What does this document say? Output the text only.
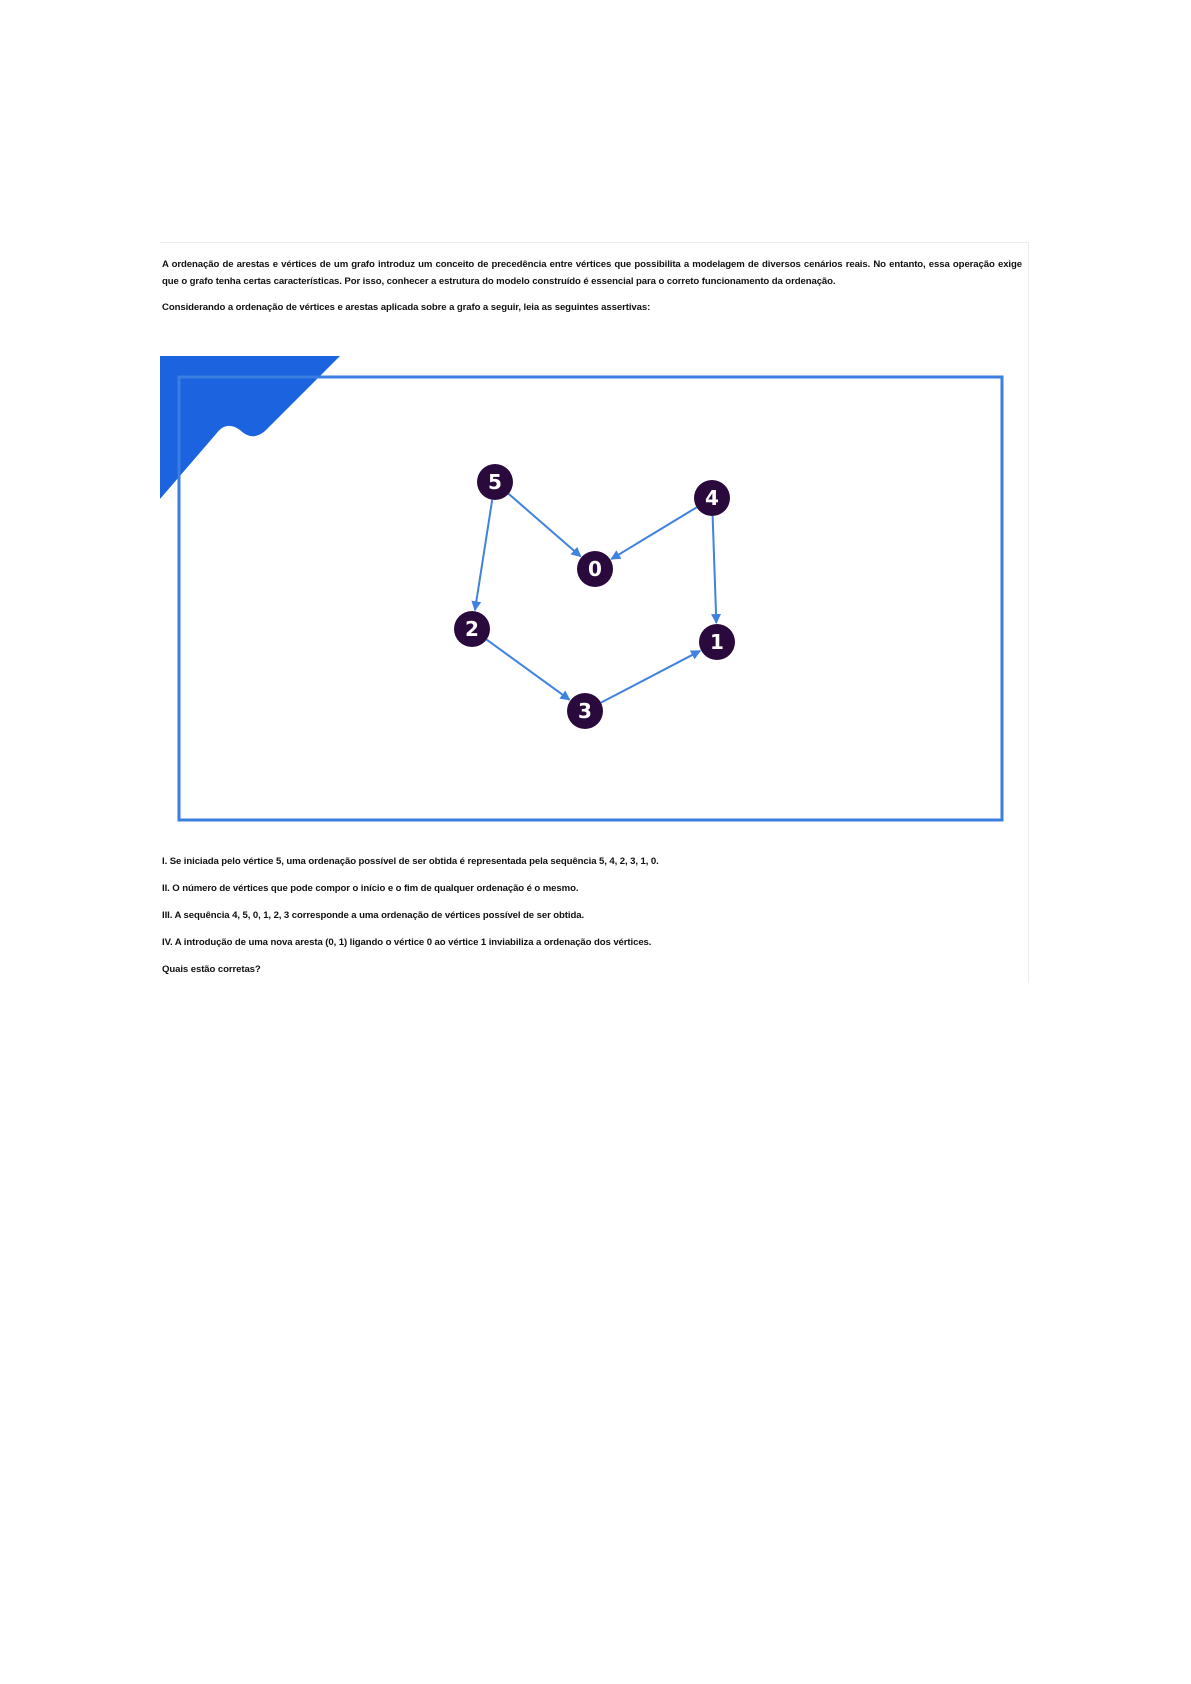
A ordenação de arestas e vértices de um grafo introduz um conceito de precedência entre vértices que possibilita a modelagem de diversos cenários reais. No entanto, essa operação exige que o grafo tenha certas características. Por isso, conhecer a estrutura do modelo construído é essencial para o correto funcionamento da ordenação.

Considerando a ordenação de vértices e arestas aplicada sobre a grafo a seguir, leia as seguintes assertivas:

5
4
0
2
1
3

I. Se iniciada pelo vértice 5, uma ordenação possível de ser obtida é representada pela sequência 5, 4, 2, 3, 1, 0.

II. O número de vértices que pode compor o início e o fim de qualquer ordenação é o mesmo.

III. A sequência 4, 5, 0, 1, 2, 3 corresponde a uma ordenação de vértices possível de ser obtida.

IV. A introdução de uma nova aresta (0, 1) ligando o vértice 0 ao vértice 1 inviabiliza a ordenação dos vértices.

Quais estão corretas?
